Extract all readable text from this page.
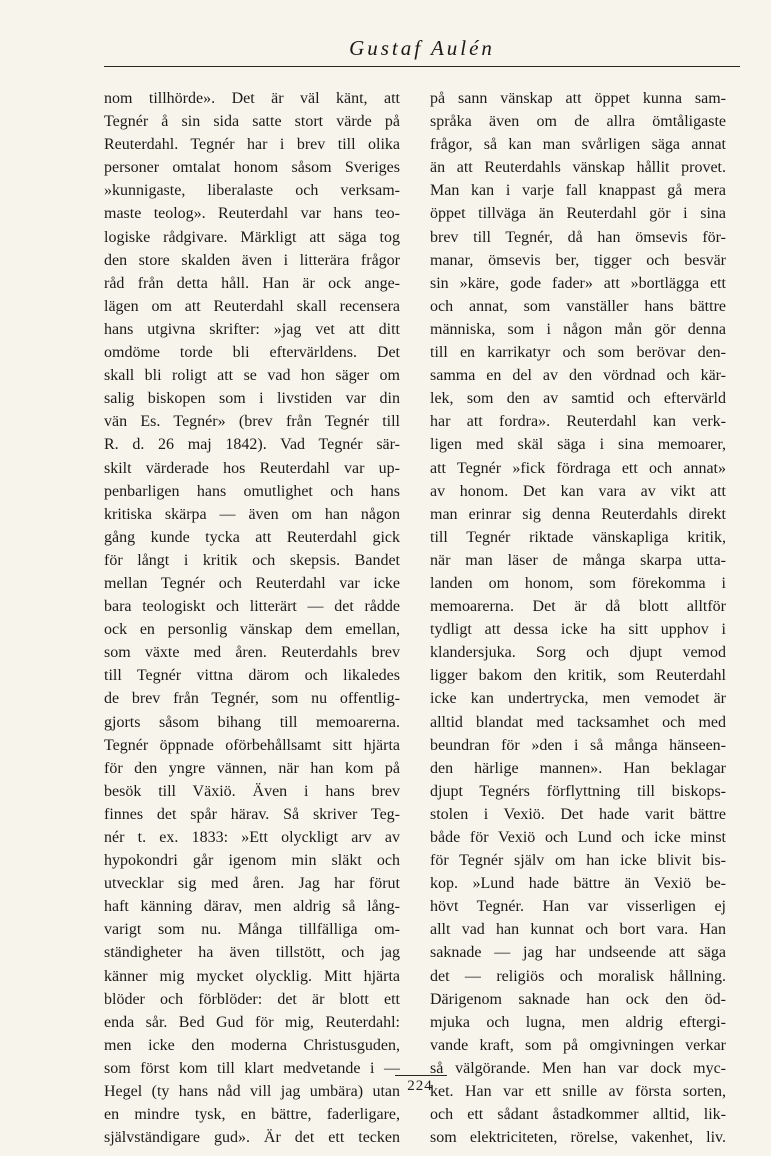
Gustaf Aulén
nom tillhörde». Det är väl känt, att
Tegnér å sin sida satte stort värde på
Reuterdahl. Tegnér har i brev till olika
personer omtalat honom såsom Sveriges
»kunnigaste, liberalaste och verksam-
maste teolog». Reuterdahl var hans teo-
logiske rådgivare. Märkligt att säga tog
den store skalden även i litterära frågor
råd från detta håll. Han är ock ange-
lägen om att Reuterdahl skall recensera
hans utgivna skrifter: »jag vet att ditt
omdöme torde bli eftervärldens. Det
skall bli roligt att se vad hon säger om
salig biskopen som i livstiden var din
vän Es. Tegnér» (brev från Tegnér till
R. d. 26 maj 1842). Vad Tegnér sär-
skilt värderade hos Reuterdahl var up-
penbarligen hans omutlighet och hans
kritiska skärpa — även om han någon
gång kunde tycka att Reuterdahl gick
för långt i kritik och skepsis. Bandet
mellan Tegnér och Reuterdahl var icke
bara teologiskt och litterärt — det rådde
ock en personlig vänskap dem emellan,
som växte med åren. Reuterdahls brev
till Tegnér vittna därom och likaledes
de brev från Tegnér, som nu offentlig-
gjorts såsom bihang till memoarerna.
Tegnér öppnade oförbehållsamt sitt hjärta
för den yngre vännen, när han kom på
besök till Växiö. Även i hans brev
finnes det spår härav. Så skriver Teg-
nér t. ex. 1833: »Ett olyckligt arv av
hypokondri går igenom min släkt och
utvecklar sig med åren. Jag har förut
haft känning därav, men aldrig så lång-
varigt som nu. Många tillfälliga om-
ständigheter ha även tillstött, och jag
känner mig mycket olycklig. Mitt hjärta
blöder och förblöder: det är blott ett
enda sår. Bed Gud för mig, Reuterdahl:
men icke den moderna Christusguden,
som först kom till klart medvetande i —
Hegel (ty hans nåd vill jag umbära) utan
en mindre tysk, en bättre, faderligare,
självständigare gud». Är det ett tecken
på sann vänskap att öppet kunna sam-
språka även om de allra ömtåligaste
frågor, så kan man svårligen säga annat
än att Reuterdahls vänskap hållit provet.
Man kan i varje fall knappast gå mera
öppet tillväga än Reuterdahl gör i sina
brev till Tegnér, då han ömsevis för-
manar, ömsevis ber, tigger och besvär
sin »käre, gode fader» att »bortlägga ett
och annat, som vanställer hans bättre
människa, som i någon mån gör denna
till en karrikatyr och som berövar den-
samma en del av den vördnad och kär-
lek, som den av samtid och eftervärld
har att fordra». Reuterdahl kan verk-
ligen med skäl säga i sina memoarer,
att Tegnér »fick fördraga ett och annat»
av honom. Det kan vara av vikt att
man erinrar sig denna Reuterdahls direkt
till Tegnér riktade vänskapliga kritik,
när man läser de många skarpa utta-
landen om honom, som förekomma i
memoarerna. Det är då blott alltför
tydligt att dessa icke ha sitt upphov i
klandersjuka. Sorg och djupt vemod
ligger bakom den kritik, som Reuterdahl
icke kan undertrycka, men vemodet är
alltid blandat med tacksamhet och med
beundran för »den i så många hänseen-
den härlige mannen». Han beklagar
djupt Tegnérs förflyttning till biskops-
stolen i Vexiö. Det hade varit bättre
både för Vexiö och Lund och icke minst
för Tegnér själv om han icke blivit bis-
kop. »Lund hade bättre än Vexiö be-
hövt Tegnér. Han var visserligen ej
allt vad han kunnat och bort vara. Han
saknade — jag har undseende att säga
det — religiös och moralisk hållning.
Därigenom saknade han ock den öd-
mjuka och lugna, men aldrig eftergi-
vande kraft, som på omgivningen verkar
så välgörande. Men han var dock myc-
ket. Han var ett snille av första sorten,
och ett sådant åstadkommer alltid, lik-
som elektriciteten, rörelse, vakenhet, liv.
224
